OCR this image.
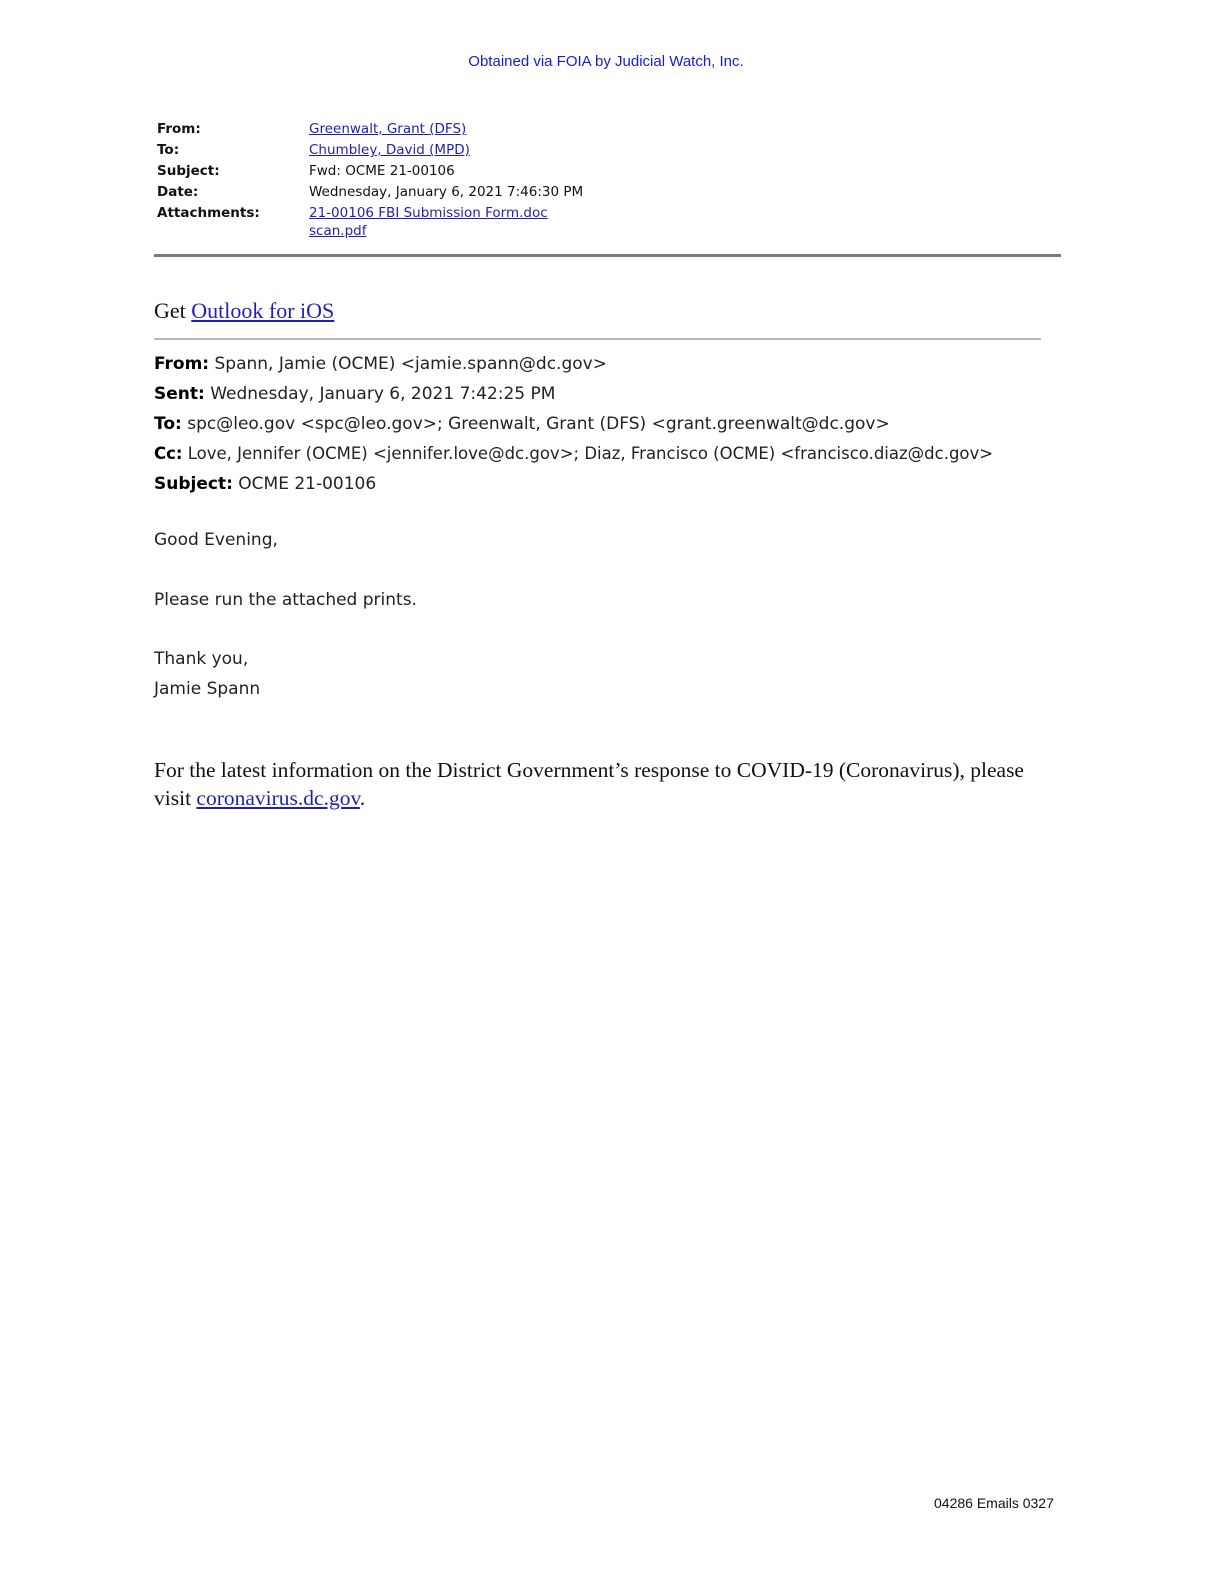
Obtained via FOIA by Judicial Watch, Inc.
From:	Greenwalt, Grant (DFS)
To:	Chumbley, David (MPD)
Subject:	Fwd: OCME 21-00106
Date:	Wednesday, January 6, 2021 7:46:30 PM
Attachments:	21-00106 FBI Submission Form.doc
scan.pdf
Get Outlook for iOS
From: Spann, Jamie (OCME) <jamie.spann@dc.gov>
Sent: Wednesday, January 6, 2021 7:42:25 PM
To: spc@leo.gov <spc@leo.gov>; Greenwalt, Grant (DFS) <grant.greenwalt@dc.gov>
Cc: Love, Jennifer (OCME) <jennifer.love@dc.gov>; Diaz, Francisco (OCME) <francisco.diaz@dc.gov>
Subject: OCME 21-00106
Good Evening,
Please run the attached prints.
Thank you,
Jamie Spann
For the latest information on the District Government’s response to COVID-19 (Coronavirus), please visit coronavirus.dc.gov.
04286 Emails 0327
